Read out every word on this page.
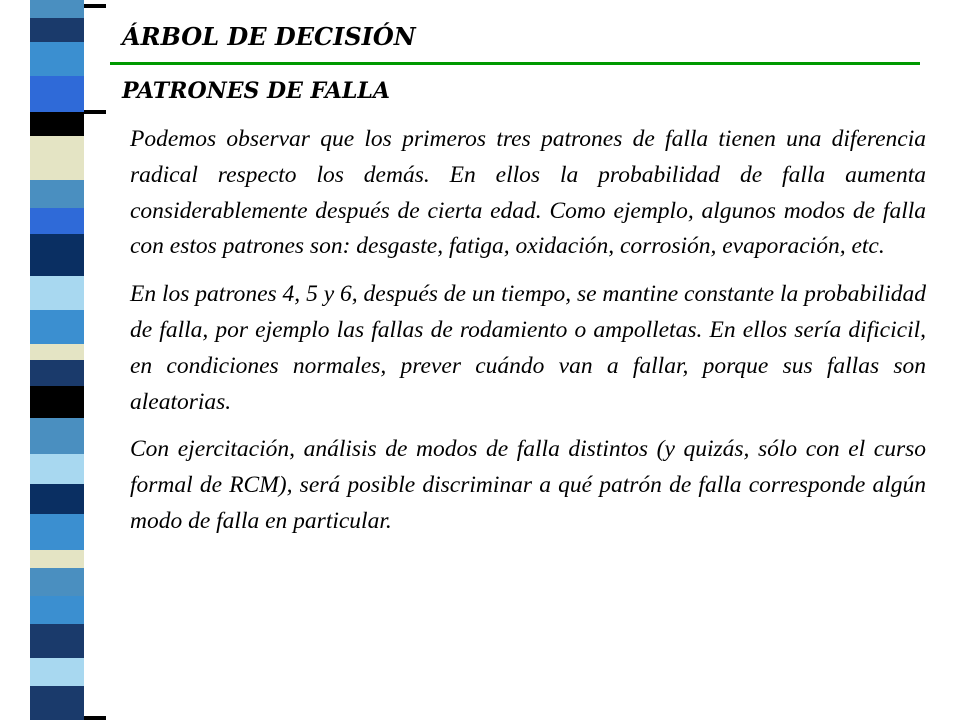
ÁRBOL DE DECISIÓN
PATRONES DE FALLA

Podemos observar que los primeros tres patrones de falla tienen una diferencia radical respecto los demás. En ellos la probabilidad de falla aumenta considerablemente después de cierta edad. Como ejemplo, algunos modos de falla con estos patrones son: desgaste, fatiga, oxidación, corrosión, evaporación, etc.

En los patrones 4, 5 y 6, después de un tiempo, se mantine constante la probabilidad de falla, por ejemplo las fallas de rodamiento o ampolletas. En ellos sería dificicil, en condiciones normales, prever cuándo van a fallar, porque sus fallas son aleatorias.

Con ejercitación, análisis de modos de falla distintos (y quizás, sólo con el curso formal de RCM), será posible discriminar a qué patrón de falla corresponde algún modo de falla en particular.
